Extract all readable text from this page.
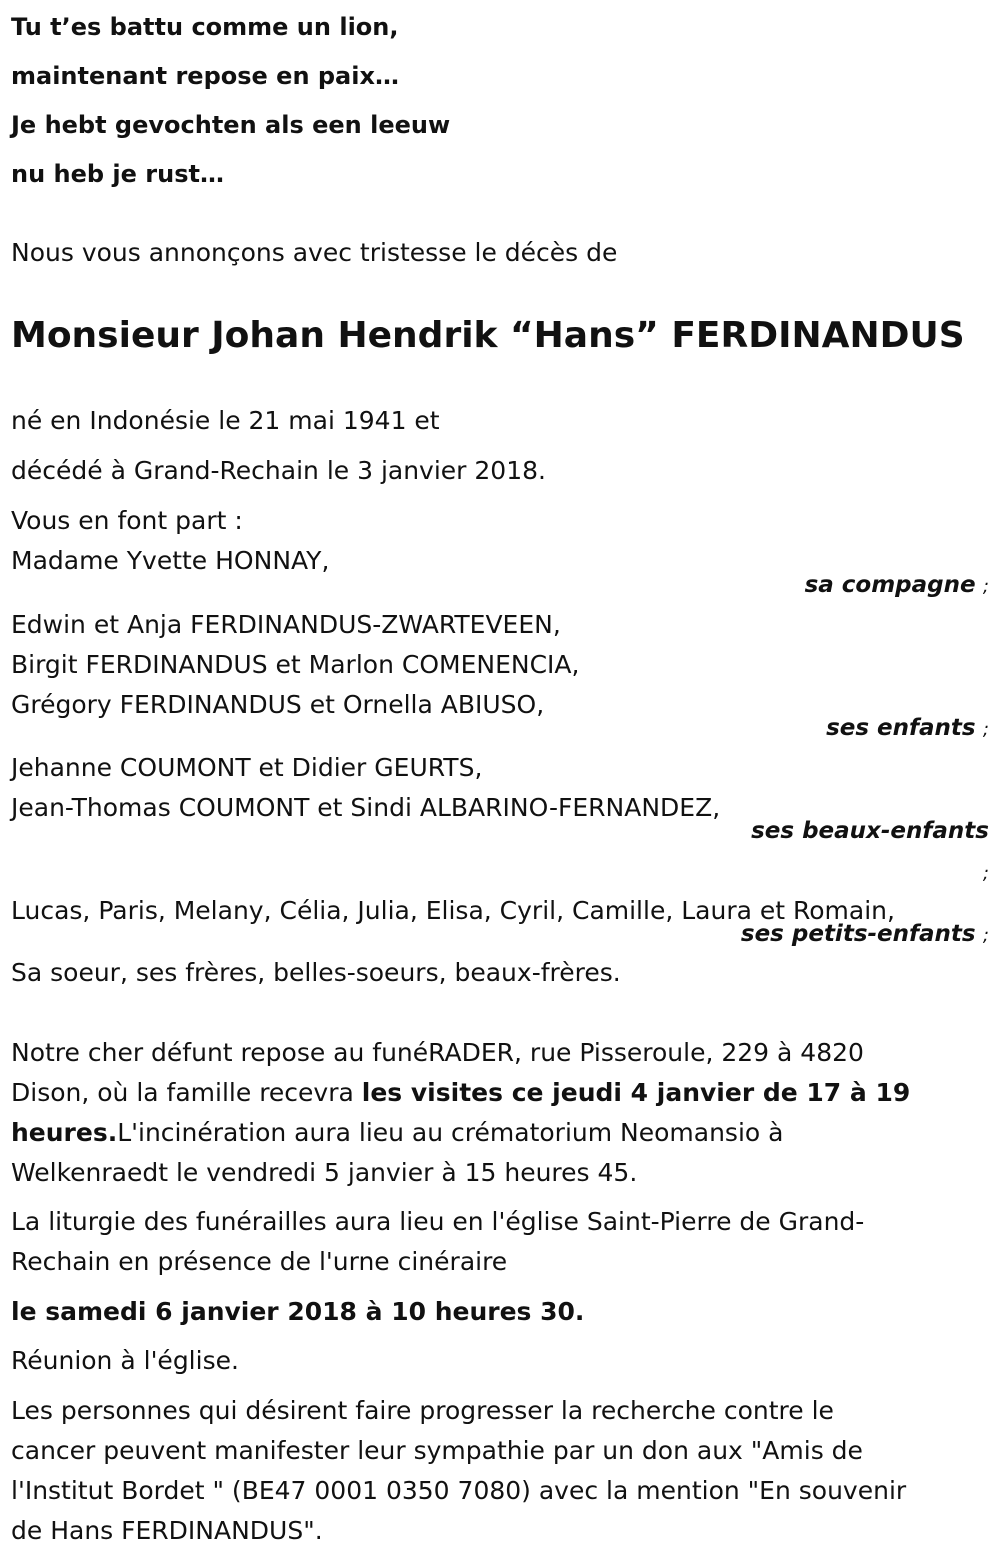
Tu t’es battu comme un lion,
maintenant repose en paix…
Je hebt gevochten als een leeuw
nu heb je rust…
Nous vous annonçons avec tristesse le décès de
Monsieur Johan Hendrik “Hans” FERDINANDUS
né en Indonésie le 21 mai 1941 et
décédé à Grand-Rechain le 3 janvier 2018.
Vous en font part :
Madame Yvette HONNAY,
sa compagne ;
Edwin et Anja FERDINANDUS-ZWARTEVEEN,
Birgit FERDINANDUS et Marlon COMENENCIA,
Grégory FERDINANDUS et Ornella ABIUSO,
ses enfants ;
Jehanne COUMONT et Didier GEURTS,
Jean-Thomas COUMONT et Sindi ALBARINO-FERNANDEZ,
ses beaux-enfants
;
Lucas, Paris, Melany, Célia, Julia, Elisa, Cyril, Camille, Laura et Romain,
ses petits-enfants ;
Sa soeur, ses frères, belles-soeurs, beaux-frères.
Notre cher défunt repose au funéRADER, rue Pisseroule, 229 à 4820
Dison, où la famille recevra les visites ce jeudi 4 janvier de 17 à 19
heures.L'incinération aura lieu au crématorium Neomansio à
Welkenraedt le vendredi 5 janvier à 15 heures 45.
La liturgie des funérailles aura lieu en l'église Saint-Pierre de Grand-
Rechain en présence de l'urne cinéraire
le samedi 6 janvier 2018 à 10 heures 30.
Réunion à l'église.
Les personnes qui désirent faire progresser la recherche contre le
cancer peuvent manifester leur sympathie par un don aux "Amis de
l'Institut Bordet " (BE47 0001 0350 7080) avec la mention "En souvenir
de Hans FERDINANDUS".
